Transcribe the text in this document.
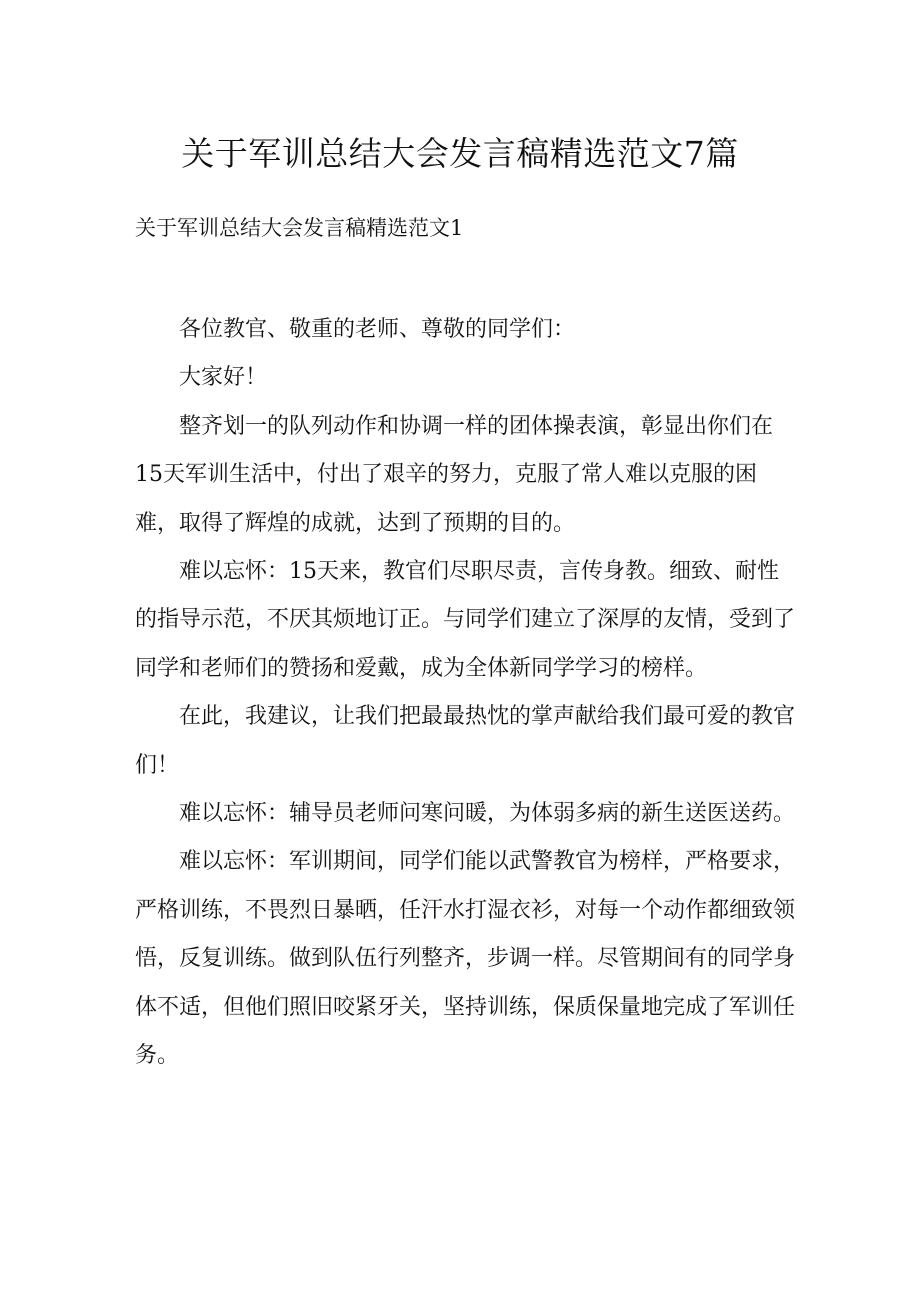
关于军训总结大会发言稿精选范文7篇
关于军训总结大会发言稿精选范文1

各位教官、敬重的老师、尊敬的同学们：

大家好！

整齐划一的队列动作和协调一样的团体操表演，彰显出你们在15天军训生活中，付出了艰辛的努力，克服了常人难以克服的困难，取得了辉煌的成就，达到了预期的目的。

难以忘怀：15天来，教官们尽职尽责，言传身教。细致、耐性的指导示范，不厌其烦地订正。与同学们建立了深厚的友情，受到了同学和老师们的赞扬和爱戴，成为全体新同学学习的榜样。

在此，我建议，让我们把最最热忱的掌声献给我们最可爱的教官们！

难以忘怀：辅导员老师问寒问暖，为体弱多病的新生送医送药。

难以忘怀：军训期间，同学们能以武警教官为榜样，严格要求，严格训练，不畏烈日暴晒，任汗水打湿衣衫，对每一个动作都细致领悟，反复训练。做到队伍行列整齐，步调一样。尽管期间有的同学身体不适，但他们照旧咬紧牙关，坚持训练，保质保量地完成了军训任务。
